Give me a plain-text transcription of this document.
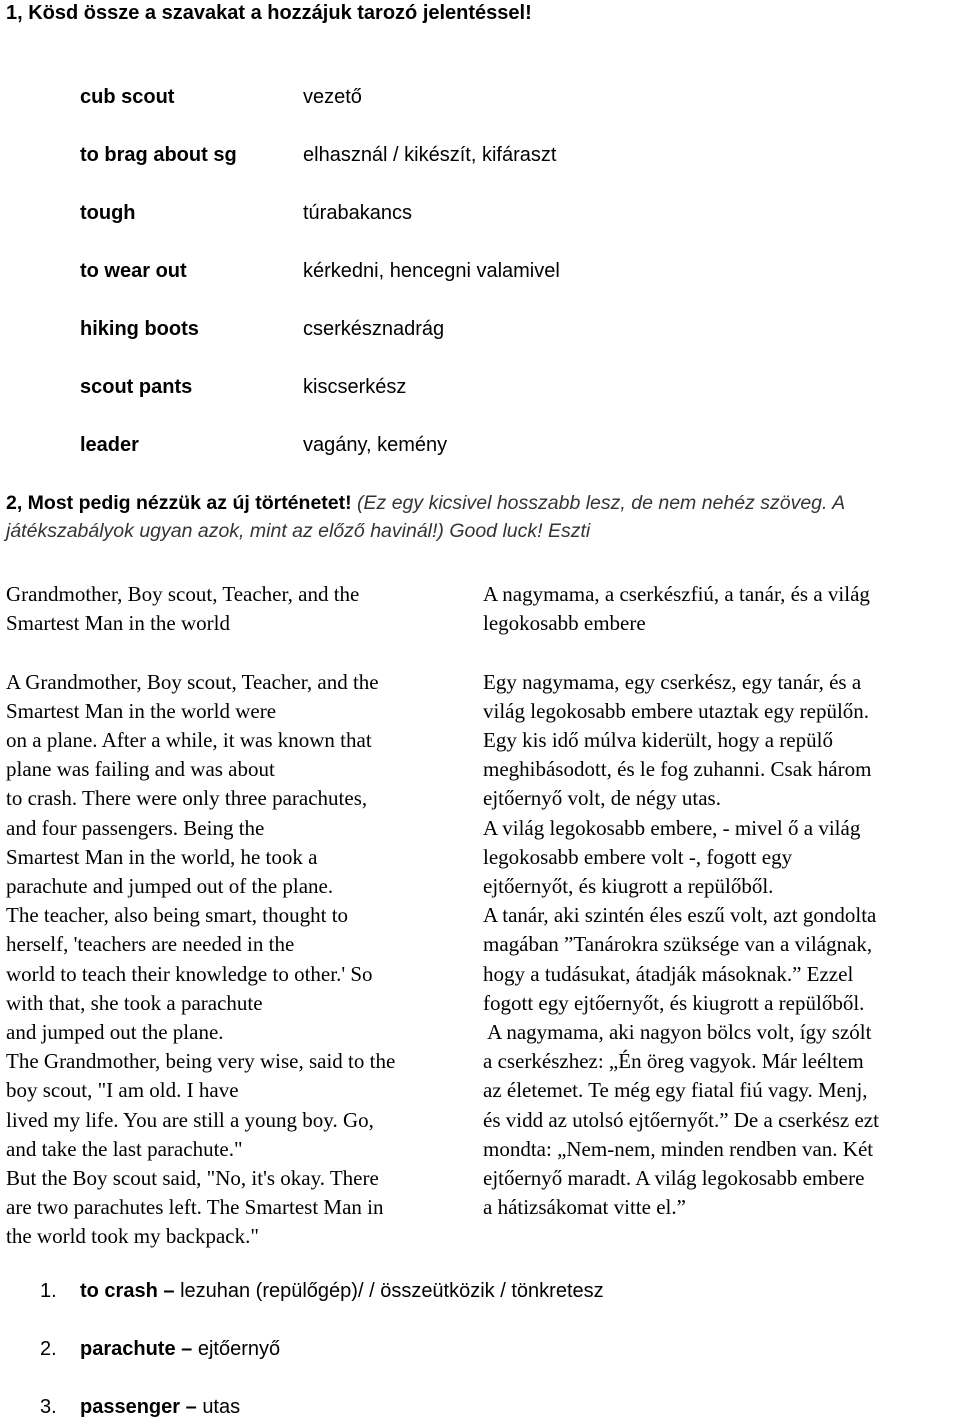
1, Kösd össze a szavakat a hozzájuk tarozó jelentéssel!
cub scout	vezető
to brag about sg	elhasznál / kikészít, kifáraszt
tough	túrabakancs
to wear out	kérkedni, hencegni valamivel
hiking boots	cserkésznadrág
scout pants	kiscserkész
leader	vagány, kemény
2, Most pedig nézzük az új történetet! (Ez egy kicsivel hosszabb lesz, de nem nehéz szöveg. A játékszabályok ugyan azok, mint az előző havinál!) Good luck! Eszti
Grandmother, Boy scout, Teacher, and the
Smartest Man in the world

A Grandmother, Boy scout, Teacher, and the
Smartest Man in the world were
on a plane. After a while, it was known that
plane was failing and was about
to crash. There were only three parachutes,
and four passengers. Being the
Smartest Man in the world, he took a
parachute and jumped out of the plane.
The teacher, also being smart, thought to
herself, 'teachers are needed in the
world to teach their knowledge to other.' So
with that, she took a parachute
and jumped out the plane.
The Grandmother, being very wise, said to the
boy scout, "I am old. I have
lived my life. You are still a young boy. Go,
and take the last parachute."
But the Boy scout said, "No, it's okay. There
are two parachutes left. The Smartest Man in
the world took my backpack."
A nagymama, a cserkészfiú, a tanár, és a világ
legokosabb embere

Egy nagymama, egy cserkész, egy tanár, és a
világ legokosabb embere utaztak egy repülőn.
Egy kis idő múlva kiderült, hogy a repülő
meghibásodott, és le fog zuhanni. Csak három
ejtőernyő volt, de négy utas.
A világ legokosabb embere, - mivel ő a világ
legokosabb embere volt -, fogott egy
ejtőernyőt, és kiugrott a repülőből.
A tanár, aki szintén éles eszű volt, azt gondolta
magában ”Tanárokra szüksége van a világnak,
hogy a tudásukat, átadják másoknak.” Ezzel
fogott egy ejtőernyőt, és kiugrott a repülőből.
A nagymama, aki nagyon bölcs volt, így szólt
a cserkészhez: „Én öreg vagyok. Már leéltem
az életemet. Te még egy fiatal fiú vagy. Menj,
és vidd az utolsó ejtőernyőt.” De a cserkész ezt
mondta: „Nem-nem, minden rendben van. Két
ejtőernyő maradt. A világ legokosabb embere
a hátizsákomat vitte el.”
1. to crash – lezuhan (repülőgép)/ / összeütközik / tönkretesz
2. parachute – ejtőernyő
3. passenger – utas
